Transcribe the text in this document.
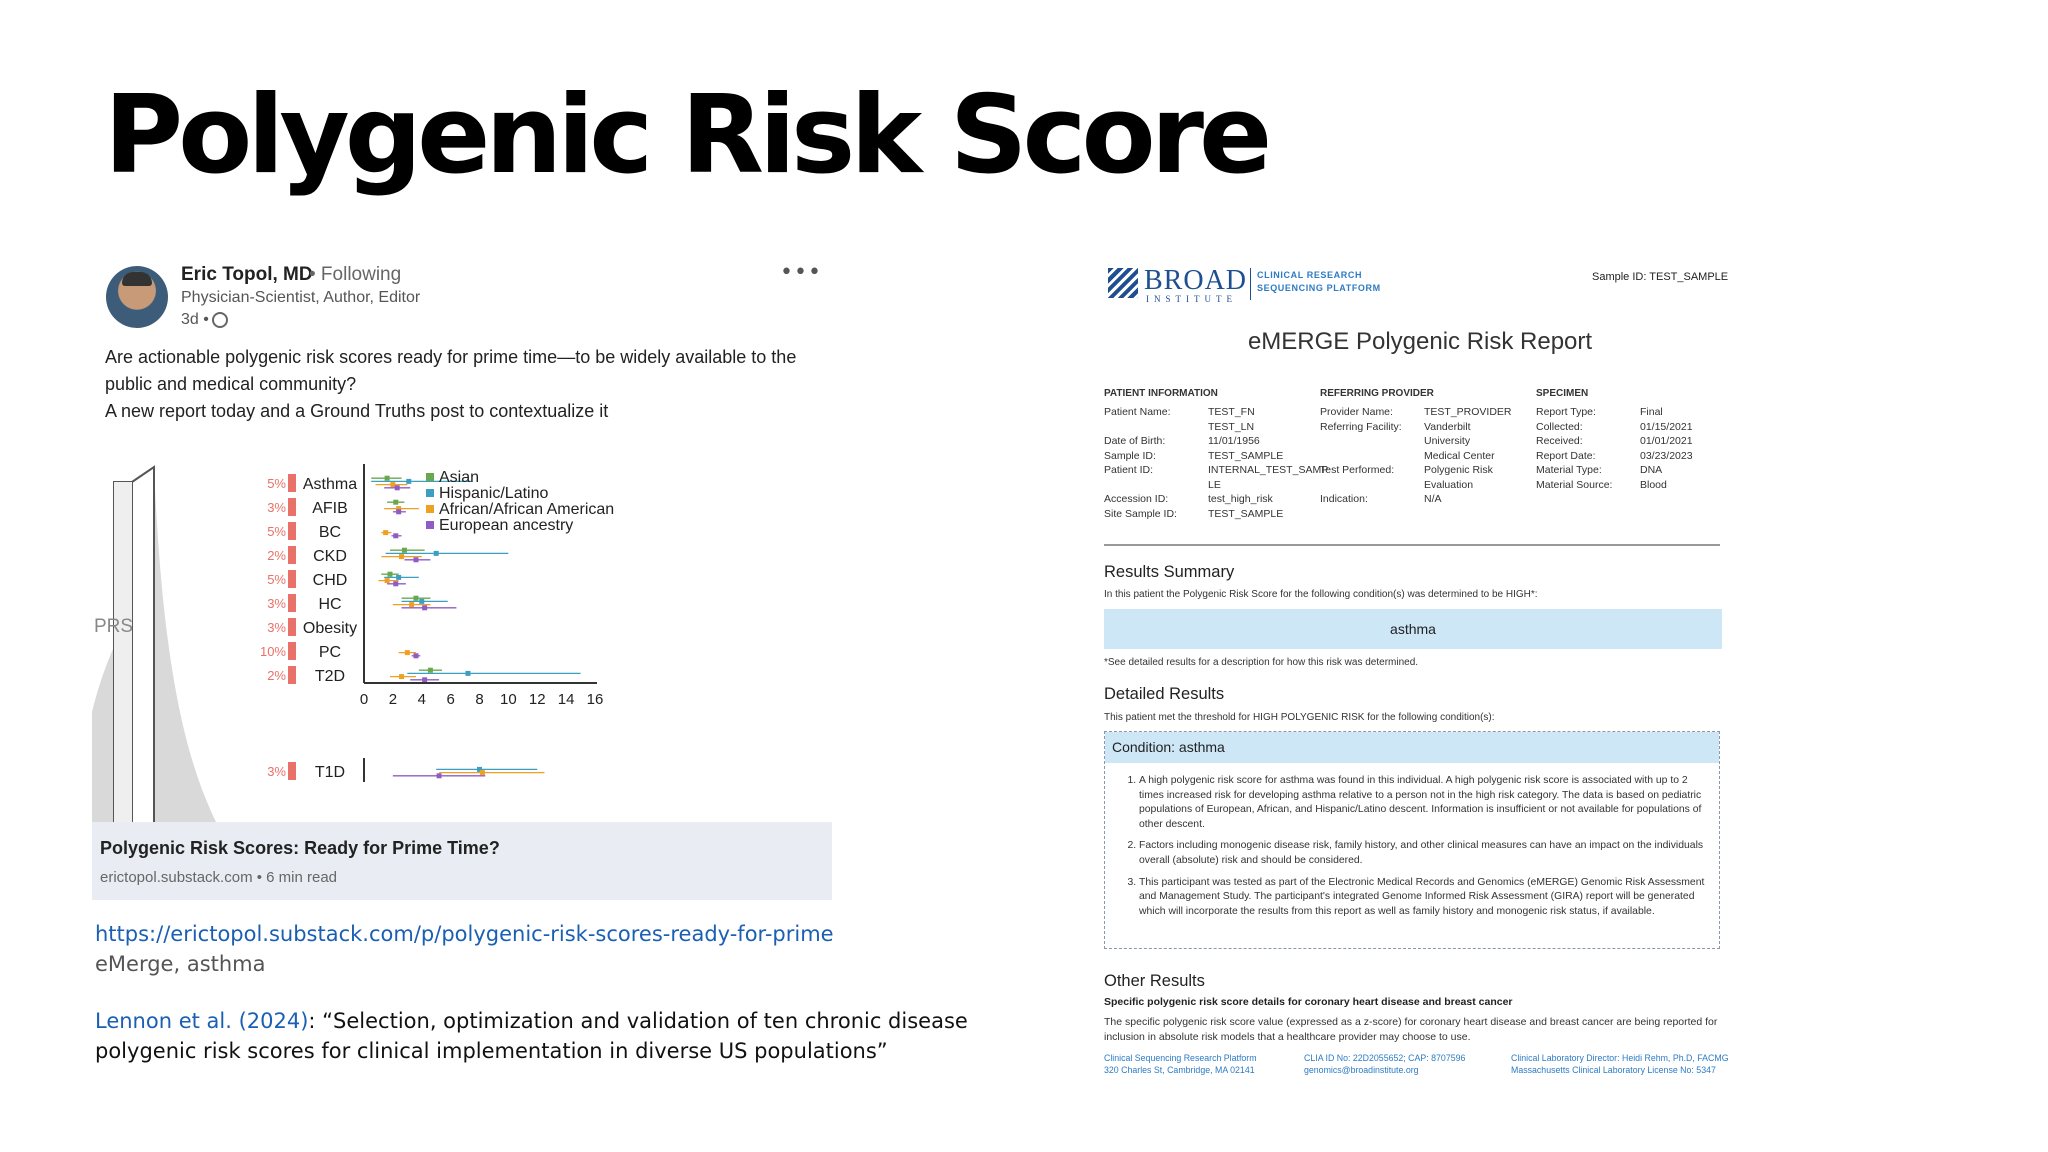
Polygenic Risk Score
Eric Topol, MD
• Following
Physician-Scientist, Author, Editor
3d •
•••
Are actionable polygenic risk scores ready for prime time—to be widely available to the
public and medical community?
A new report today and a Ground Truths post to contextualize it
PRS
5% Asthma
3% AFIB
5% BC
2% CKD
5% CHD
3% HC
3% Obesity
10% PC
2% T2D
3% T1D
0 2 4 6 8 10 12 14 16
Asian
Hispanic/Latino
African/African American
European ancestry
Polygenic Risk Scores: Ready for Prime Time?
erictopol.substack.com • 6 min read
https://erictopol.substack.com/p/polygenic-risk-scores-ready-for-prime
eMerge, asthma
Lennon et al. (2024): “Selection, optimization and validation of ten chronic disease polygenic risk scores for clinical implementation in diverse US populations”
BROAD
INSTITUTE
CLINICAL RESEARCH
SEQUENCING PLATFORM
Sample ID: TEST_SAMPLE
eMERGE Polygenic Risk Report
PATIENT INFORMATION
Patient Name:	TEST_FN
TEST_LN
Date of Birth:	11/01/1956
Sample ID:	TEST_SAMPLE
Patient ID:	INTERNAL_TEST_SAMP
LE
Accession ID:	test_high_risk
Site Sample ID:	TEST_SAMPLE
REFERRING PROVIDER
Provider Name:	TEST_PROVIDER
Referring Facility:	Vanderbilt
University
Medical Center
Test Performed:	Polygenic Risk
Evaluation
Indication:	N/A
SPECIMEN
Report Type:	Final
Collected:	01/15/2021
Received:	01/01/2021
Report Date:	03/23/2023
Material Type:	DNA
Material Source:	Blood
Results Summary
In this patient the Polygenic Risk Score for the following condition(s) was determined to be HIGH*:
asthma
*See detailed results for a description for how this risk was determined.
Detailed Results
This patient met the threshold for HIGH POLYGENIC RISK for the following condition(s):
Condition: asthma
1. A high polygenic risk score for asthma was found in this individual. A high polygenic risk score is associated with up to 2 times increased risk for developing asthma relative to a person not in the high risk category. The data is based on pediatric populations of European, African, and Hispanic/Latino descent. Information is insufficient or not available for populations of other descent.
2. Factors including monogenic disease risk, family history, and other clinical measures can have an impact on the individuals overall (absolute) risk and should be considered.
3. This participant was tested as part of the Electronic Medical Records and Genomics (eMERGE) Genomic Risk Assessment and Management Study. The participant's integrated Genome Informed Risk Assessment (GIRA) report will be generated which will incorporate the results from this report as well as family history and monogenic risk status, if available.
Other Results
Specific polygenic risk score details for coronary heart disease and breast cancer
The specific polygenic risk score value (expressed as a z-score) for coronary heart disease and breast cancer are being reported for inclusion in absolute risk models that a healthcare provider may choose to use.
Clinical Sequencing Research Platform
320 Charles St, Cambridge, MA 02141
CLIA ID No: 22D2055652; CAP: 8707596
genomics@broadinstitute.org
Clinical Laboratory Director: Heidi Rehm, Ph.D, FACMG
Massachusetts Clinical Laboratory License No: 5347
